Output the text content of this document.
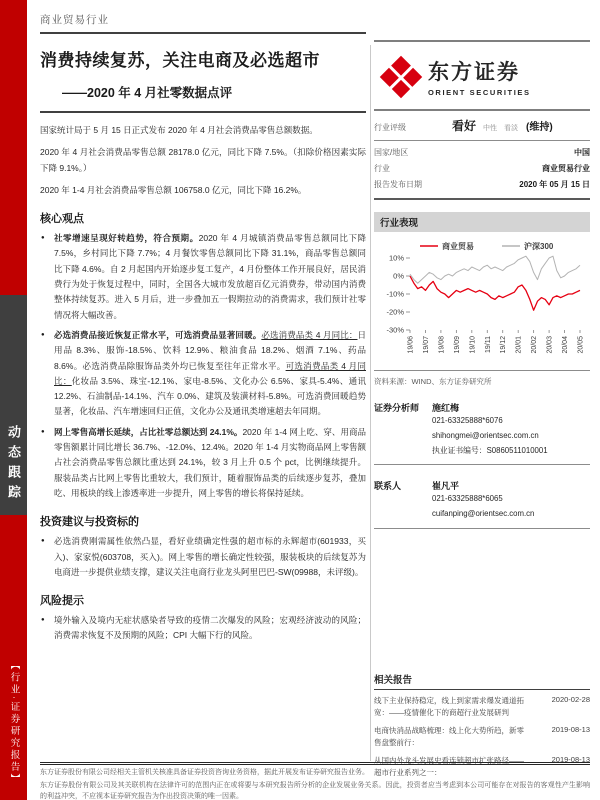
动态跟踪
【行业·证券研究报告】
商业贸易行业
消费持续复苏，关注电商及必选超市
——2020 年 4 月社零数据点评

国家统计局于 5 月 15 日正式发布 2020 年 4 月社会消费品零售总额数据。

2020 年 4 月社会消费品零售总额 28178.0 亿元，同比下降 7.5%。（扣除价格因素实际下降 9.1%。）

2020 年 1-4 月社会消费品零售总额 106758.0 亿元，同比下降 16.2%。

核心观点
● 社零增速呈现好转趋势，符合预期。2020 年 4 月城镇消费品零售总额同比下降 7.5%，乡村同比下降 7.7%；4 月餐饮零售总额同比下降 31.1%，商品零售总额同比下降 4.6%。自 2 月起国内开始逐步复工复产，4 月份整体工作开展良好，居民消费行为处于恢复过程中，同时，全国各大城市发放超百亿元消费券，带动国内消费整体持续复苏。进入 5 月后，进一步叠加五一假期拉动的消费需求，我们预计社零情况将大幅改善。
● 必选消费品接近恢复正常水平，可选消费品显著回暖。必选消费品类 4 月同比：日用品 8.3%、服饰-18.5%、饮料 12.9%、粮油食品 18.2%、烟酒 7.1%、药品 8.6%。必选消费品除服饰品类外均已恢复至往年正常水平。可选消费品类 4 月同比：化妆品 3.5%、珠宝-12.1%、家电-8.5%、文化办公 6.5%、家具-5.4%、通讯 12.2%、石油制品-14.1%、汽车 0.0%、建筑及装潢材料-5.8%。可选消费回暖趋势显著，化妆品、汽车增速回归正值，文化办公及通讯类增速超去年同期。
● 网上零售高增长延续，占比社零总额达到 24.1%。2020 年 1-4 网上吃、穿、用商品零售额累计同比增长 36.7%、-12.0%、12.4%。2020 年 1-4 月实物商品网上零售额占社会消费品零售总额比重达到 24.1%，较 3 月上升 0.5 个 pct，比例继续提升。服装品类占比网上零售比重较大，我们预计，随着服饰品类的后续逐步复苏，叠加吃、用板块的线上渗透率进一步提升，网上零售的增长将保持延续。
投资建议与投资标的
● 必选消费刚需属性依然凸显，看好业绩确定性强的超市标的永辉超市(601933，买入)、家家悦(603708，买入)。网上零售的增长确定性较强，服装板块的后续复苏为电商进一步提供业绩支撑，建议关注电商行业龙头阿里巴巴-SW(09988，未评级)。
风险提示
● 境外输入及境内无症状感染者导致的疫情二次爆发的风险；宏观经济波动的风险；消费需求恢复不及预期的风险；CPI 大幅下行的风险。
东方证券
ORIENT SECURITIES
行业评级	看好 中性 看淡 (维持)
国家/地区	中国
行业	商业贸易行业
报告发布日期	2020 年 05 月 15 日
行业表现
商业贸易	沪深300
10%
0%
-10%
-20%
-30%
19/06 19/07 19/08 19/09 19/10 19/11 19/12 20/01 20/02 20/03 20/04 20/05
资料来源：WIND、东方证券研究所
证券分析师	施红梅
021-63325888*6076
shihongmei@orientsec.com.cn
执业证书编号：S0860511010001
联系人	崔凡平
021-63325888*6065
cuifanping@orientsec.com.cn
相关报告
线下主业保持稳定，线上到家需求爆发通道拓宽：——疫情催化下的商超行业发展研判
2020-02-28
电商快消品战略梳理：线上化大势所趋，新零售盘整前行：
2019-08-13
从国内外龙头发展史看连锁超市扩张路径——超市行业系列之一：
2019-08-13

东方证券股份有限公司经相关主管机关核准具备证券投资咨询业务资格，据此开展发布证券研究报告业务。

东方证券股份有限公司及其关联机构在法律许可的范围内正在或将要与本研究报告所分析的企业发展业务关系。因此，投资者应当考虑到本公司可能存在对报告的客观性产生影响的利益冲突，不应视本证券研究报告为作出投资决策的唯一因素。
